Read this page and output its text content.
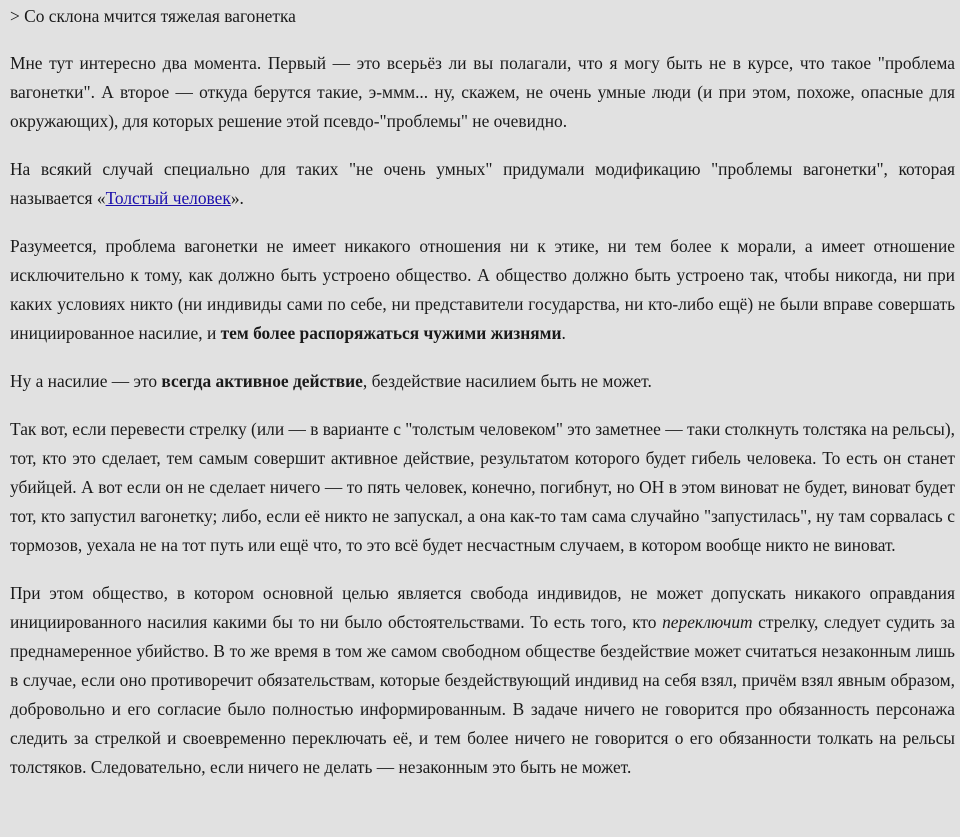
> Со склона мчится тяжелая вагонетка

Мне тут интересно два момента. Первый — это всерьёз ли вы полагали, что я могу быть не в курсе, что такое "проблема вагонетки". А второе — откуда берутся такие, э-ммм... ну, скажем, не очень умные люди (и при этом, похоже, опасные для окружающих), для которых решение этой псевдо-"проблемы" не очевидно.

На всякий случай специально для таких "не очень умных" придумали модификацию "проблемы вагонетки", которая называется «Толстый человек».

Разумеется, проблема вагонетки не имеет никакого отношения ни к этике, ни тем более к морали, а имеет отношение исключительно к тому, как должно быть устроено общество. А общество должно быть устроено так, чтобы никогда, ни при каких условиях никто (ни индивиды сами по себе, ни представители государства, ни кто-либо ещё) не были вправе совершать инициированное насилие, и тем более распоряжаться чужими жизнями.

Ну а насилие — это всегда активное действие, бездействие насилием быть не может.

Так вот, если перевести стрелку (или — в варианте с "толстым человеком" это заметнее — таки столкнуть толстяка на рельсы), тот, кто это сделает, тем самым совершит активное действие, результатом которого будет гибель человека. То есть он станет убийцей. А вот если он не сделает ничего — то пять человек, конечно, погибнут, но ОН в этом виноват не будет, виноват будет тот, кто запустил вагонетку; либо, если её никто не запускал, а она как-то там сама случайно "запустилась", ну там сорвалась с тормозов, уехала не на тот путь или ещё что, то это всё будет несчастным случаем, в котором вообще никто не виноват.

При этом общество, в котором основной целью является свобода индивидов, не может допускать никакого оправдания инициированного насилия какими бы то ни было обстоятельствами. То есть того, кто переключит стрелку, следует судить за преднамеренное убийство. В то же время в том же самом свободном обществе бездействие может считаться незаконным лишь в случае, если оно противоречит обязательствам, которые бездействующий индивид на себя взял, причём взял явным образом, добровольно и его согласие было полностью информированным. В задаче ничего не говорится про обязанность персонажа следить за стрелкой и своевременно переключать её, и тем более ничего не говорится о его обязанности толкать на рельсы толстяков. Следовательно, если ничего не делать — незаконным это быть не может.
